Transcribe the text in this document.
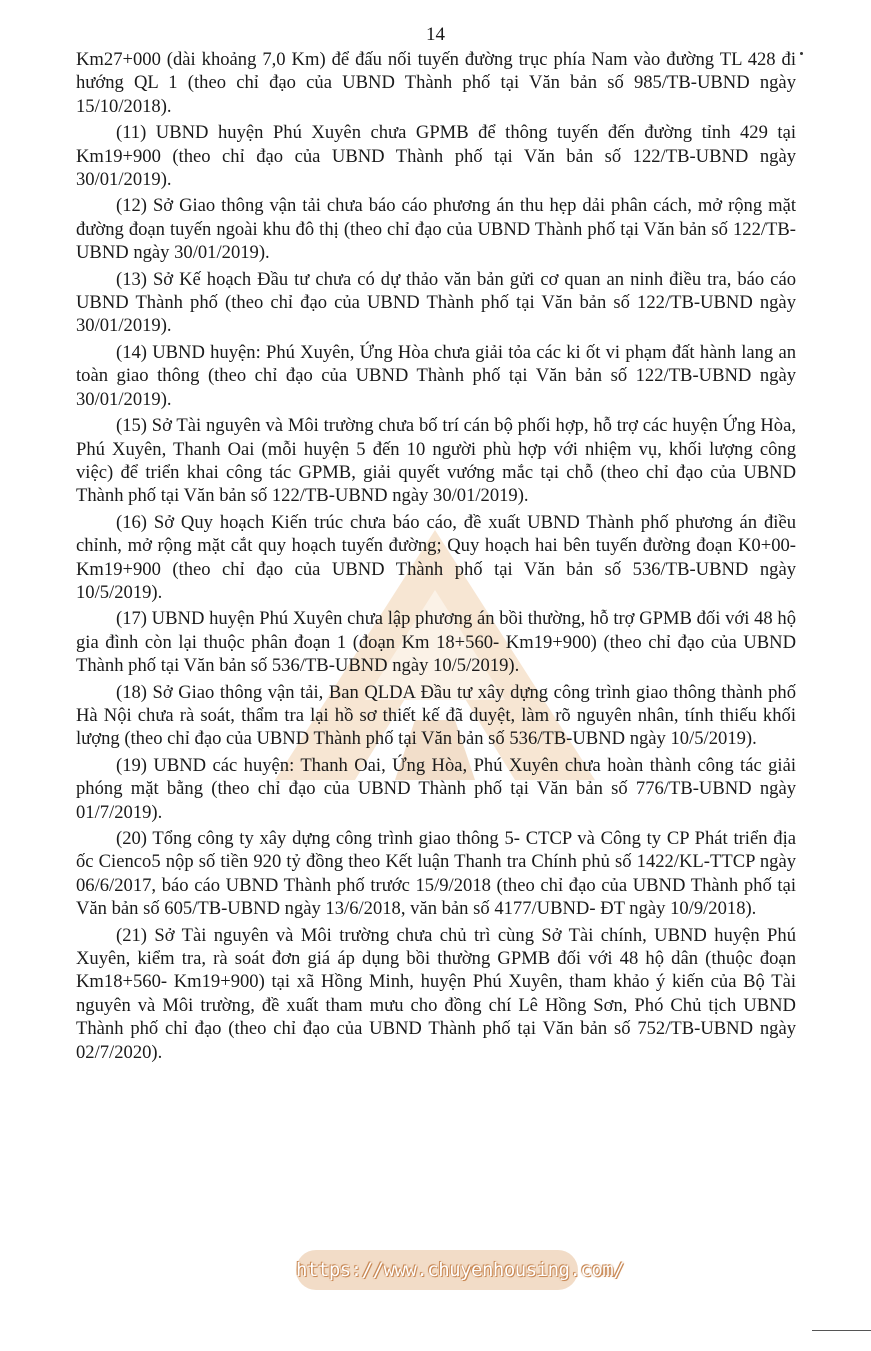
14

Km27+000 (dài khoảng 7,0 Km) để đấu nối tuyến đường trục phía Nam vào đường TL 428 đi hướng QL 1 (theo chỉ đạo của UBND Thành phố tại Văn bản số 985/TB-UBND ngày 15/10/2018).

(11) UBND huyện Phú Xuyên chưa GPMB để thông tuyến đến đường tỉnh 429 tại Km19+900 (theo chỉ đạo của UBND Thành phố tại Văn bản số 122/TB-UBND ngày 30/01/2019).

(12) Sở Giao thông vận tải chưa báo cáo phương án thu hẹp dải phân cách, mở rộng mặt đường đoạn tuyến ngoài khu đô thị (theo chỉ đạo của UBND Thành phố tại Văn bản số 122/TB-UBND ngày 30/01/2019).

(13) Sở Kế hoạch Đầu tư chưa có dự thảo văn bản gửi cơ quan an ninh điều tra, báo cáo UBND Thành phố (theo chỉ đạo của UBND Thành phố tại Văn bản số 122/TB-UBND ngày 30/01/2019).

(14) UBND huyện: Phú Xuyên, Ứng Hòa chưa giải tỏa các ki ốt vi phạm đất hành lang an toàn giao thông (theo chỉ đạo của UBND Thành phố tại Văn bản số 122/TB-UBND ngày 30/01/2019).

(15) Sở Tài nguyên và Môi trường chưa bố trí cán bộ phối hợp, hỗ trợ các huyện Ứng Hòa, Phú Xuyên, Thanh Oai (mỗi huyện 5 đến 10 người phù hợp với nhiệm vụ, khối lượng công việc) để triển khai công tác GPMB, giải quyết vướng mắc tại chỗ (theo chỉ đạo của UBND Thành phố tại Văn bản số 122/TB-UBND ngày 30/01/2019).

(16) Sở Quy hoạch Kiến trúc chưa báo cáo, đề xuất UBND Thành phố phương án điều chỉnh, mở rộng mặt cắt quy hoạch tuyến đường; Quy hoạch hai bên tuyến đường đoạn K0+00-Km19+900 (theo chỉ đạo của UBND Thành phố tại Văn bản số 536/TB-UBND ngày 10/5/2019).

(17) UBND huyện Phú Xuyên chưa lập phương án bồi thường, hỗ trợ GPMB đối với 48 hộ gia đình còn lại thuộc phân đoạn 1 (đoạn Km 18+560- Km19+900) (theo chỉ đạo của UBND Thành phố tại Văn bản số 536/TB-UBND ngày 10/5/2019).

(18) Sở Giao thông vận tải, Ban QLDA Đầu tư xây dựng công trình giao thông thành phố Hà Nội chưa rà soát, thẩm tra lại hồ sơ thiết kế đã duyệt, làm rõ nguyên nhân, tính thiếu khối lượng (theo chỉ đạo của UBND Thành phố tại Văn bản số 536/TB-UBND ngày 10/5/2019).

(19) UBND các huyện: Thanh Oai, Ứng Hòa, Phú Xuyên chưa hoàn thành công tác giải phóng mặt bằng (theo chỉ đạo của UBND Thành phố tại Văn bản số 776/TB-UBND ngày 01/7/2019).

(20) Tổng công ty xây dựng công trình giao thông 5- CTCP và Công ty CP Phát triển địa ốc Cienco5 nộp số tiền 920 tỷ đồng theo Kết luận Thanh tra Chính phủ số 1422/KL-TTCP ngày 06/6/2017, báo cáo UBND Thành phố trước 15/9/2018 (theo chỉ đạo của UBND Thành phố tại Văn bản số 605/TB-UBND ngày 13/6/2018, văn bản số 4177/UBND- ĐT ngày 10/9/2018).

(21) Sở Tài nguyên và Môi trường chưa chủ trì cùng Sở Tài chính, UBND huyện Phú Xuyên, kiểm tra, rà soát đơn giá áp dụng bồi thường GPMB đối với 48 hộ dân (thuộc đoạn Km18+560- Km19+900) tại xã Hồng Minh, huyện Phú Xuyên, tham khảo ý kiến của Bộ Tài nguyên và Môi trường, đề xuất tham mưu cho đồng chí Lê Hồng Sơn, Phó Chủ tịch UBND Thành phố chỉ đạo (theo chỉ đạo của UBND Thành phố tại Văn bản số 752/TB-UBND ngày 02/7/2020).

https://www.chuyenhousing.com/
